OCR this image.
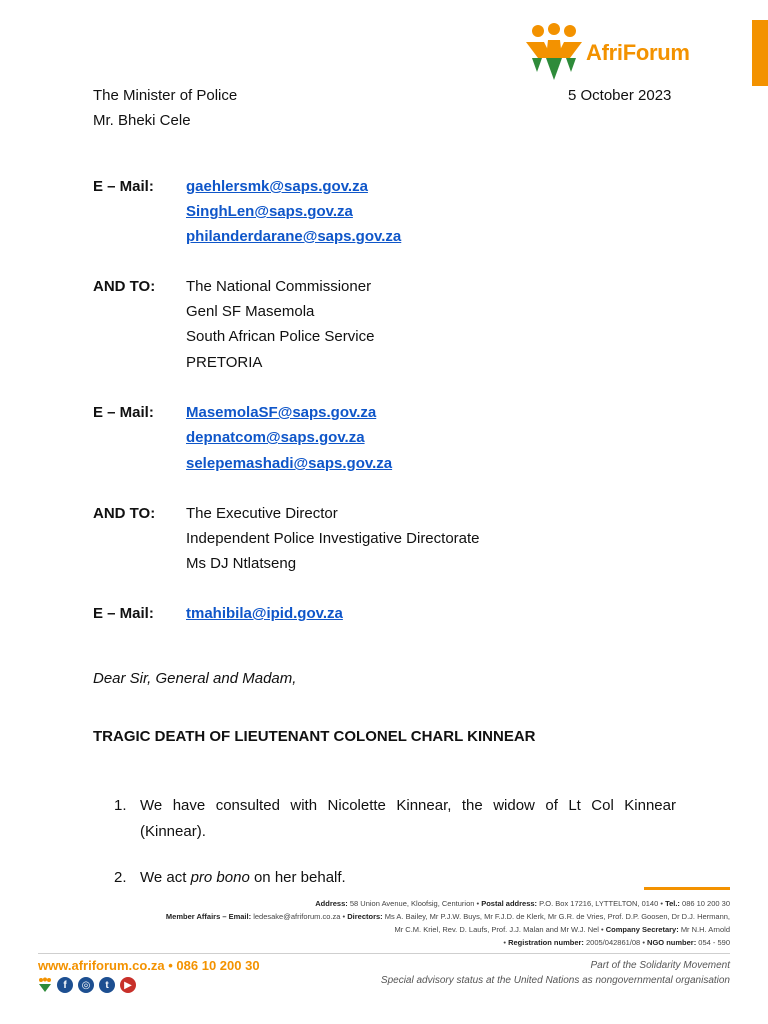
AfriForum
The Minister of Police	5 October 2023
Mr. Bheki Cele
E – Mail: gaehlersmk@saps.gov.za
SinghLen@saps.gov.za
philanderdarane@saps.gov.za
AND TO: The National Commissioner
Genl SF Masemola
South African Police Service
PRETORIA
E – Mail: MasemolaSF@saps.gov.za
depnatcom@saps.gov.za
selepemashadi@saps.gov.za
AND TO: The Executive Director
Independent Police Investigative Directorate
Ms DJ Ntlatseng
E – Mail: tmahibila@ipid.gov.za
Dear Sir, General and Madam,
TRAGIC DEATH OF LIEUTENANT COLONEL CHARL KINNEAR
1. We have consulted with Nicolette Kinnear, the widow of Lt Col Kinnear (Kinnear).
2. We act pro bono on her behalf.
Address: 58 Union Avenue, Kloofsig, Centurion • Postal address: P.O. Box 17216, LYTTELTON, 0140 • Tel.: 086 10 200 30
Member Affairs – Email: ledesake@afriforum.co.za • Directors: Ms A. Bailey, Mr P.J.W. Buys, Mr F.J.D. de Klerk, Mr G.R. de Vries, Prof. D.P. Goosen, Dr D.J. Hermann,
Mr C.M. Kriel, Rev. D. Laufs, Prof. J.J. Malan and Mr W.J. Nel • Company Secretary: Mr N.H. Arnold
• Registration number: 2005/042861/08 • NGO number: 054 - 590
www.afriforum.co.za • 086 10 200 30	Part of the Solidarity Movement
Special advisory status at the United Nations as nongovernmental organisation
f	◎	t	▶
